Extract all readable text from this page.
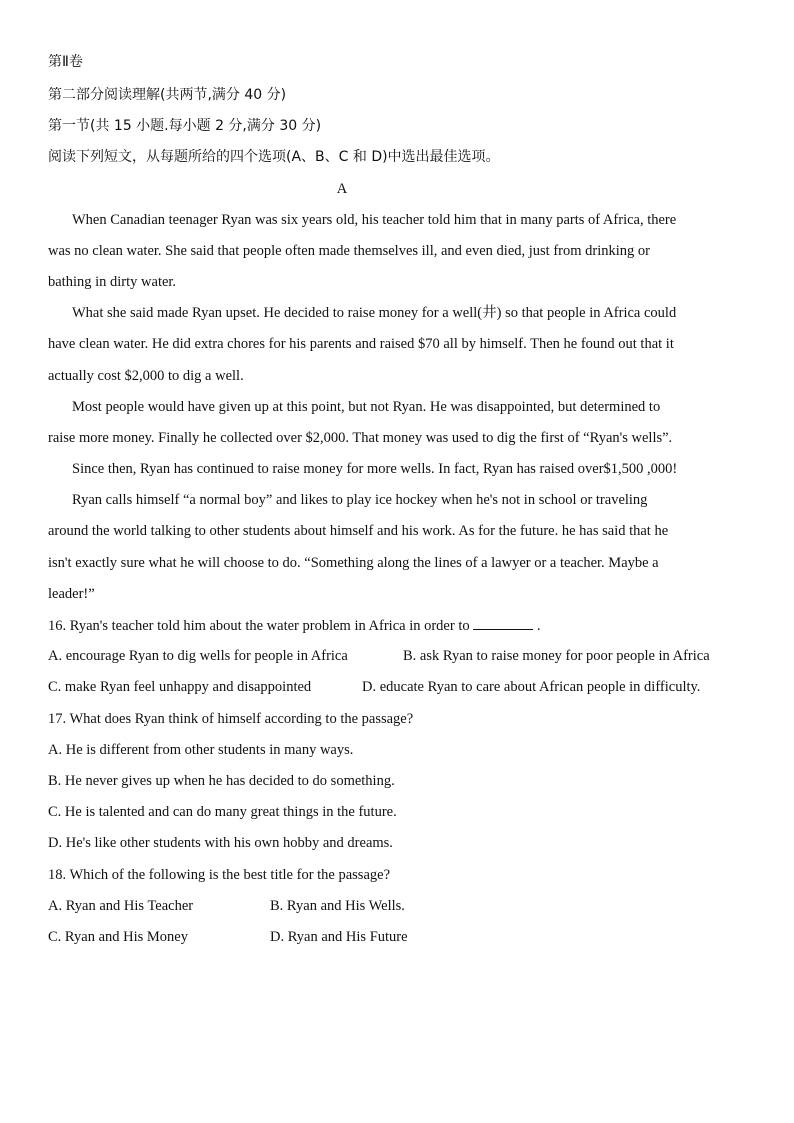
第Ⅱ卷
第二部分阅读理解(共两节,满分 40 分)
第一节(共 15 小题.每小题 2 分,满分 30 分)
阅读下列短文，从每题所给的四个选项(A、B、C 和 D)中选出最佳选项。
A
When Canadian teenager Ryan was six years old, his teacher told him that in many parts of Africa, there
was no clean water. She said that people often made themselves ill, and even died, just from drinking or
bathing in dirty water.
What she said made Ryan upset. He decided to raise money for a well(井) so that people in Africa could
have clean water. He did extra chores for his parents and raised $70 all by himself. Then he found out that it
actually cost $2,000 to dig a well.
Most people would have given up at this point, but not Ryan. He was disappointed, but determined to
raise more money. Finally he collected over $2,000. That money was used to dig the first of “Ryan's wells”.
Since then, Ryan has continued to raise money for more wells. In fact, Ryan has raised over$1,500 ,000!
Ryan calls himself “a normal boy” and likes to play ice hockey when he's not in school or traveling
around the world talking to other students about himself and his work. As for the future. he has said that he
isn't exactly sure what he will choose to do. “Something along the lines of a lawyer or a teacher. Maybe a
leader!”
16. Ryan's teacher told him about the water problem in Africa in order to	.
A. encourage Ryan to dig wells for people in Africa	B. ask Ryan to raise money for poor people in Africa
C. make Ryan feel unhappy and disappointed	D. educate Ryan to care about African people in difficulty.
17. What does Ryan think of himself according to the passage?
A. He is different from other students in many ways.
B. He never gives up when he has decided to do something.
C. He is talented and can do many great things in the future.
D. He's like other students with his own hobby and dreams.
18. Which of the following is the best title for the passage?
A. Ryan and His Teacher	B. Ryan and His Wells.
C. Ryan and His Money	D. Ryan and His Future
